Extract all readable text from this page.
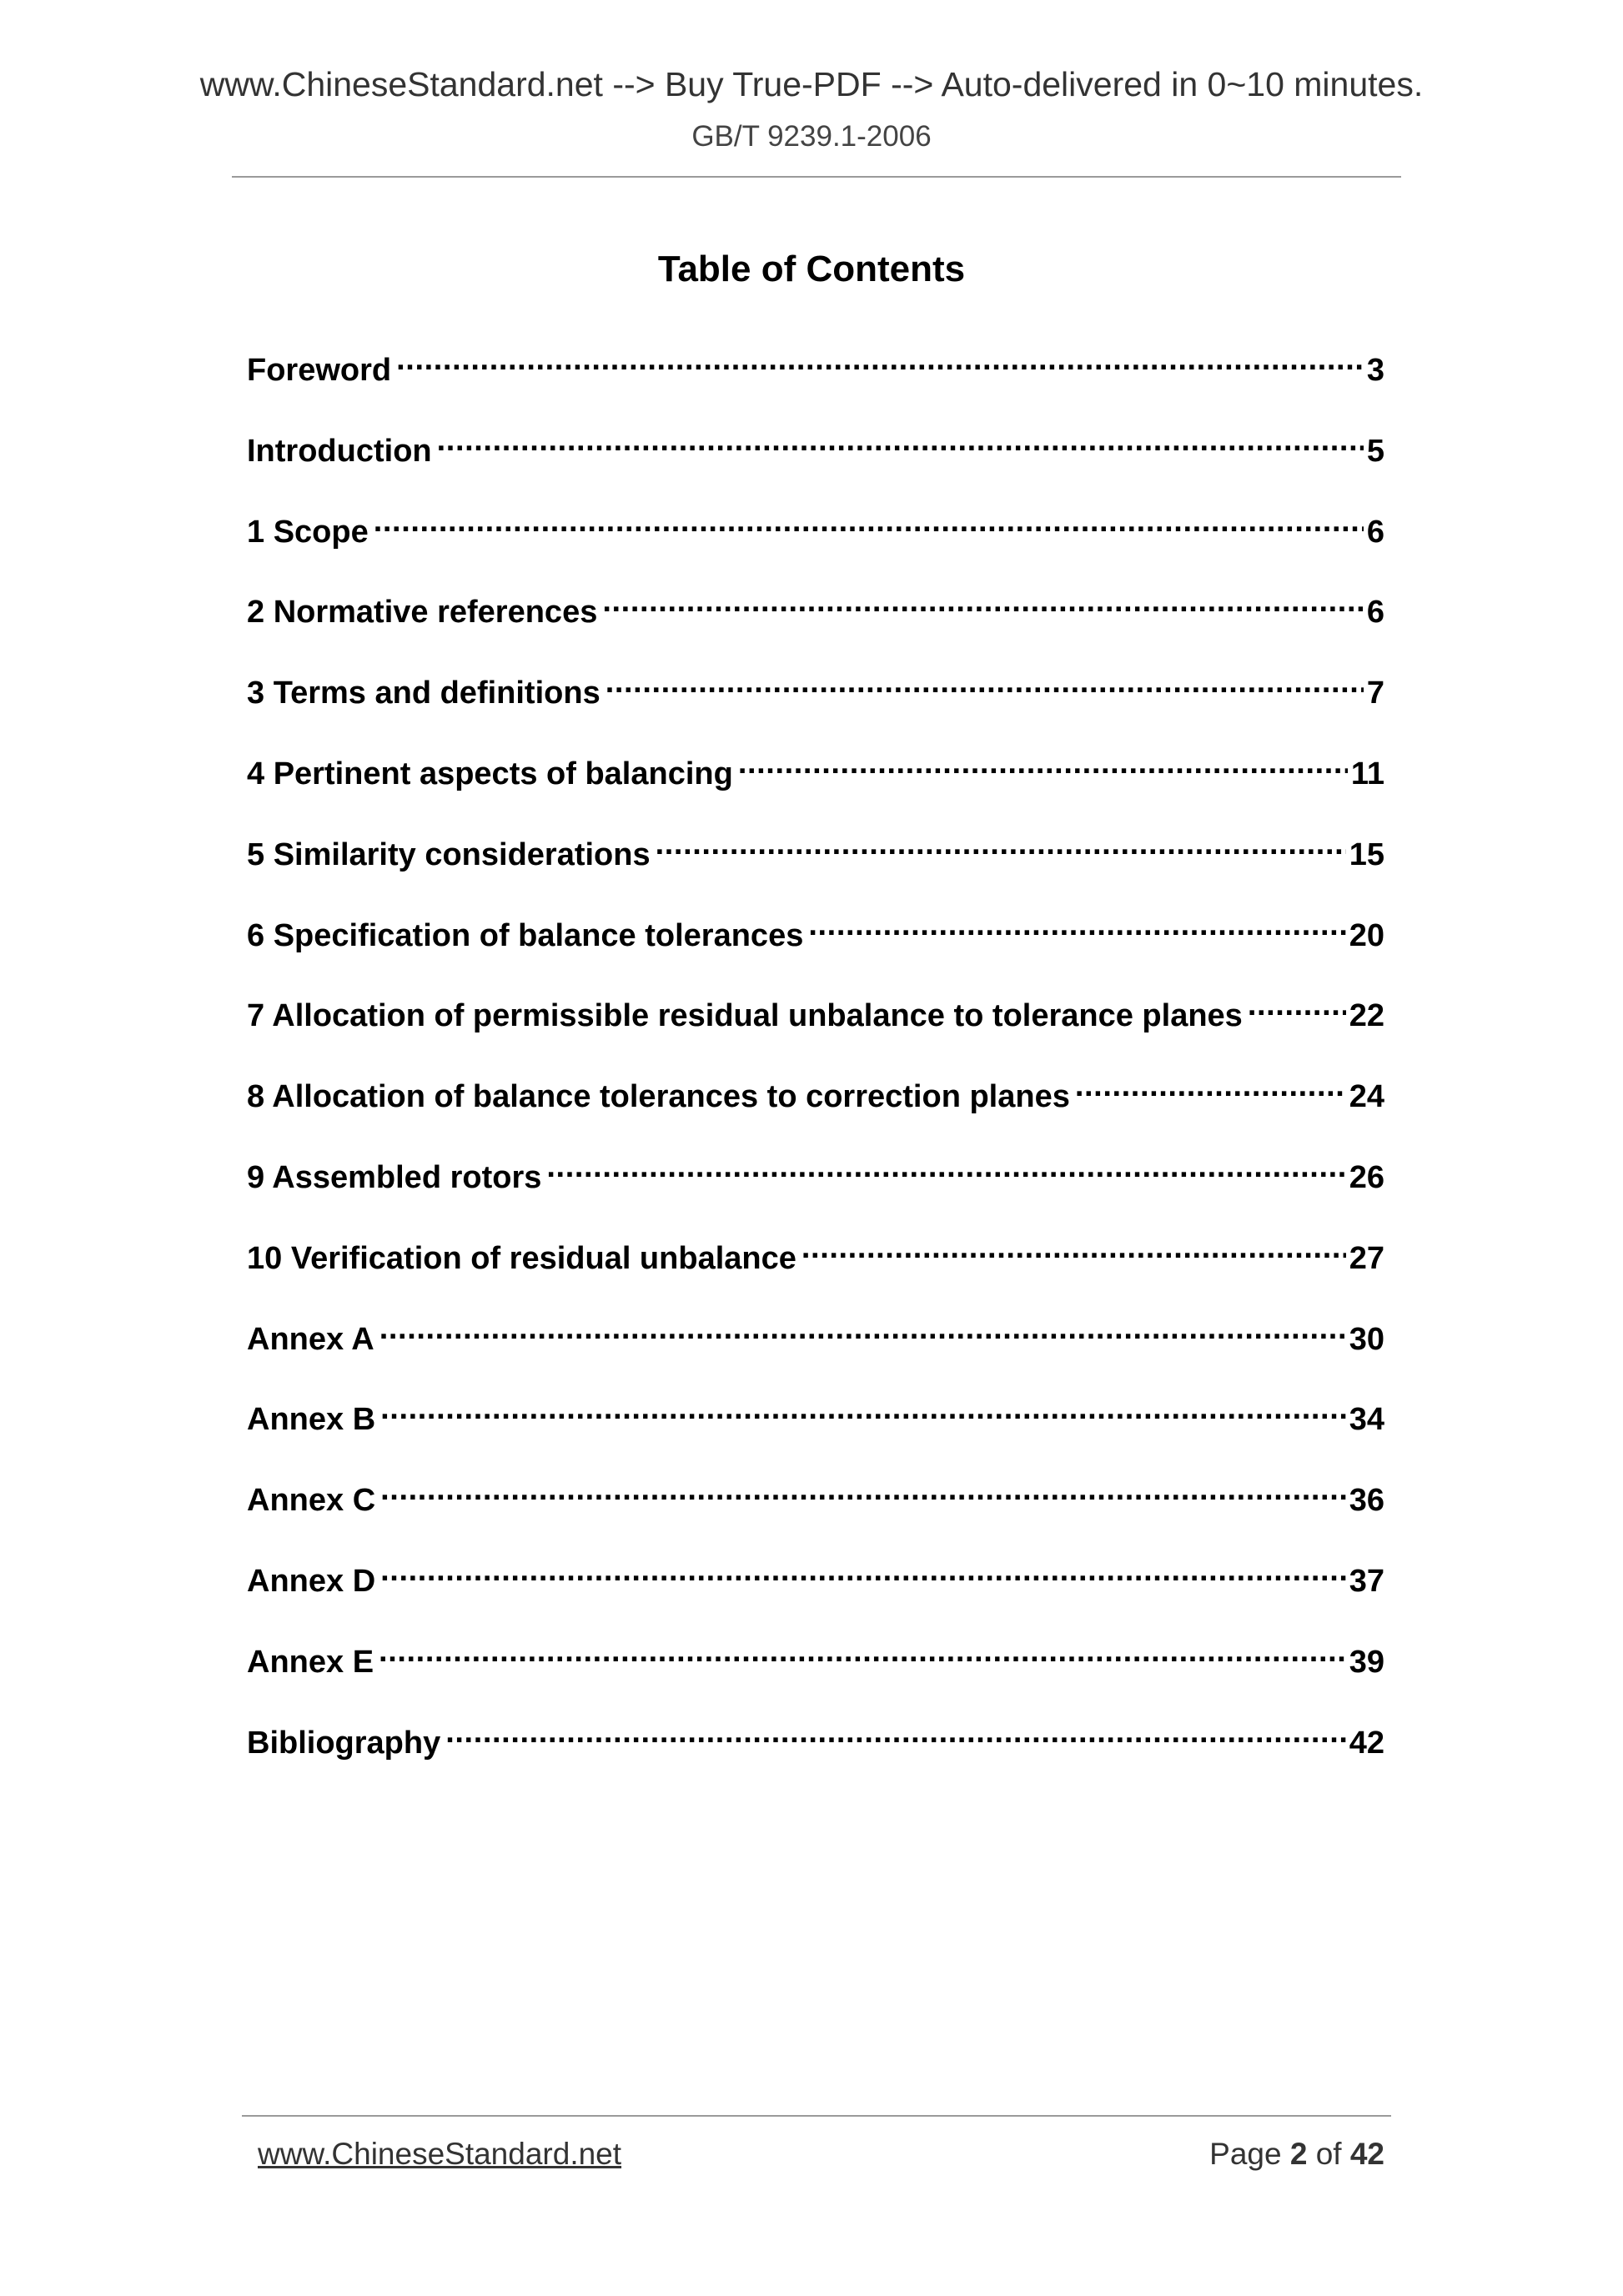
www.ChineseStandard.net --> Buy True-PDF --> Auto-delivered in 0~10 minutes.
GB/T 9239.1-2006
Table of Contents
Foreword .....	3
Introduction .....	5
1 Scope .....	6
2 Normative references .....	6
3 Terms and definitions .....	7
4 Pertinent aspects of balancing .....	11
5 Similarity considerations .....	15
6 Specification of balance tolerances .....	20
7 Allocation of permissible residual unbalance to tolerance planes .....	22
8 Allocation of balance tolerances to correction planes .....	24
9 Assembled rotors .....	26
10 Verification of residual unbalance .....	27
Annex A .....	30
Annex B .....	34
Annex C .....	36
Annex D .....	37
Annex E .....	39
Bibliography .....	42
www.ChineseStandard.net	Page 2 of 42
